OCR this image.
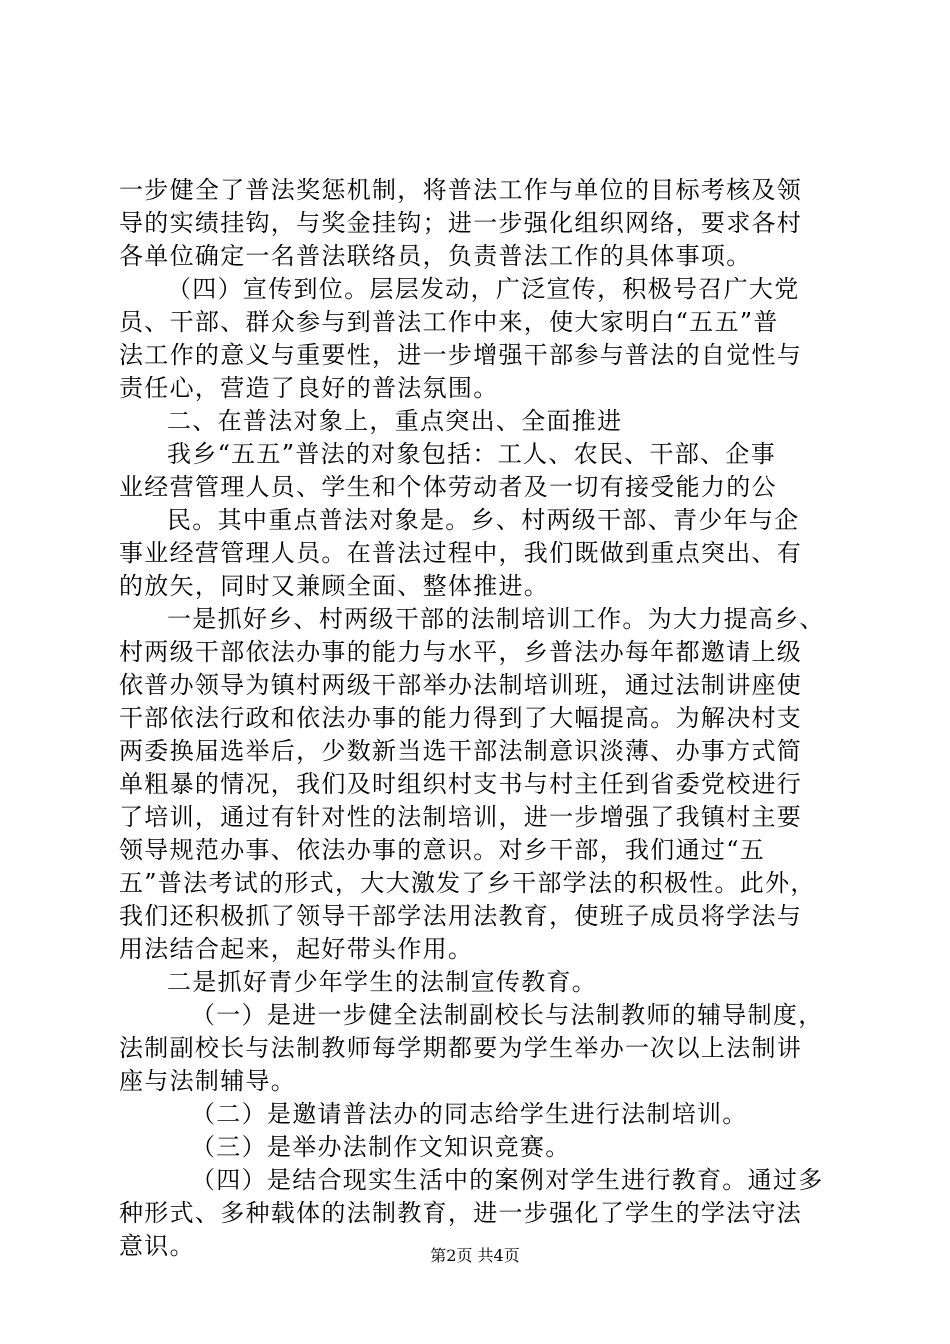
一步健全了普法奖惩机制，将普法工作与单位的目标考核及领
导的实绩挂钩，与奖金挂钩；进一步强化组织网络，要求各村
各单位确定一名普法联络员，负责普法工作的具体事项。
（四）宣传到位。层层发动，广泛宣传，积极号召广大党
员、干部、群众参与到普法工作中来，使大家明白“五五”普
法工作的意义与重要性，进一步增强干部参与普法的自觉性与
责任心，营造了良好的普法氛围。
二、在普法对象上，重点突出、全面推进
我乡“五五”普法的对象包括：工人、农民、干部、企事
业经营管理人员、学生和个体劳动者及一切有接受能力的公
民。其中重点普法对象是。乡、村两级干部、青少年与企
事业经营管理人员。在普法过程中，我们既做到重点突出、有
的放矢，同时又兼顾全面、整体推进。
一是抓好乡、村两级干部的法制培训工作。为大力提高乡、
村两级干部依法办事的能力与水平，乡普法办每年都邀请上级
依普办领导为镇村两级干部举办法制培训班，通过法制讲座使
干部依法行政和依法办事的能力得到了大幅提高。为解决村支
两委换届选举后，少数新当选干部法制意识淡薄、办事方式简
单粗暴的情况，我们及时组织村支书与村主任到省委党校进行
了培训，通过有针对性的法制培训，进一步增强了我镇村主要
领导规范办事、依法办事的意识。对乡干部，我们通过“五
五”普法考试的形式，大大激发了乡干部学法的积极性。此外，
我们还积极抓了领导干部学法用法教育，使班子成员将学法与
用法结合起来，起好带头作用。
二是抓好青少年学生的法制宣传教育。
（一）是进一步健全法制副校长与法制教师的辅导制度，
法制副校长与法制教师每学期都要为学生举办一次以上法制讲
座与法制辅导。
（二）是邀请普法办的同志给学生进行法制培训。
（三）是举办法制作文知识竞赛。
（四）是结合现实生活中的案例对学生进行教育。通过多
种形式、多种载体的法制教育，进一步强化了学生的学法守法
意识。	第2页 共4页
